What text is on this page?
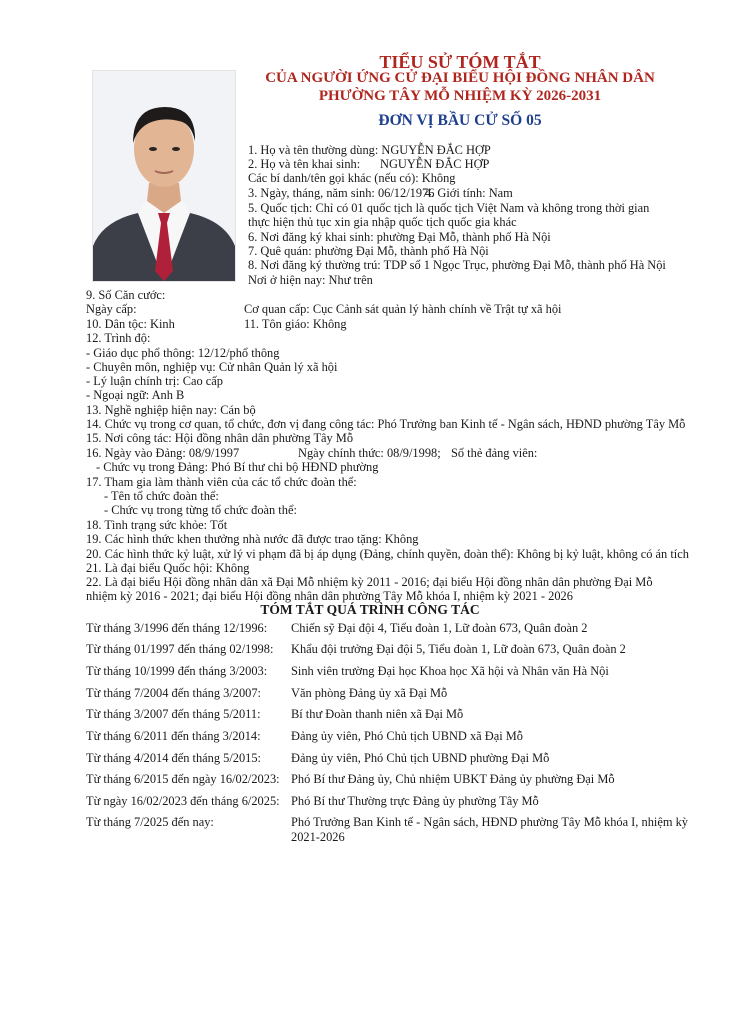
TIỂU SỬ TÓM TẮT
CỦA NGƯỜI ỨNG CỬ ĐẠI BIỂU HỘI ĐỒNG NHÂN DÂN
PHƯỜNG TÂY MỖ NHIỆM KỲ 2026-2031
ĐƠN VỊ BẦU CỬ SỐ 05
1. Họ và tên thường dùng: NGUYỄN ĐẮC HỢP
2. Họ và tên khai sinh: NGUYỄN ĐẮC HỢP
Các bí danh/tên gọi khác (nếu có): Không
3. Ngày, tháng, năm sinh: 06/12/1976
4. Giới tính: Nam
5. Quốc tịch: Chỉ có 01 quốc tịch là quốc tịch Việt Nam và không trong thời gian
thực hiện thủ tục xin gia nhập quốc tịch quốc gia khác
6. Nơi đăng ký khai sinh: phường Đại Mỗ, thành phố Hà Nội
7. Quê quán: phường Đại Mỗ, thành phố Hà Nội
8. Nơi đăng ký thường trú: TDP số 1 Ngọc Trục, phường Đại Mỗ, thành phố Hà Nội
Nơi ở hiện nay: Như trên
9. Số Căn cước:
Ngày cấp:	Cơ quan cấp: Cục Cảnh sát quản lý hành chính về Trật tự xã hội
10. Dân tộc: Kinh	11. Tôn giáo: Không
12. Trình độ:
- Giáo dục phổ thông: 12/12/phổ thông
- Chuyên môn, nghiệp vụ: Cử nhân Quản lý xã hội
- Lý luận chính trị: Cao cấp
- Ngoại ngữ: Anh B
13. Nghề nghiệp hiện nay: Cán bộ
14. Chức vụ trong cơ quan, tổ chức, đơn vị đang công tác: Phó Trưởng ban Kinh tế - Ngân sách, HĐND phường Tây Mỗ
15. Nơi công tác: Hội đồng nhân dân phường Tây Mỗ
16. Ngày vào Đảng: 08/9/1997	Ngày chính thức: 08/9/1998; Số thẻ đảng viên:
- Chức vụ trong Đảng: Phó Bí thư chi bộ HĐND phường
17. Tham gia làm thành viên của các tổ chức đoàn thể:
- Tên tổ chức đoàn thể:
- Chức vụ trong từng tổ chức đoàn thể:
18. Tình trạng sức khỏe: Tốt
19. Các hình thức khen thưởng nhà nước đã được trao tặng: Không
20. Các hình thức kỷ luật, xử lý vi phạm đã bị áp dụng (Đảng, chính quyền, đoàn thể): Không bị kỷ luật, không có án tích
21. Là đại biểu Quốc hội: Không
22. Là đại biểu Hội đồng nhân dân xã Đại Mỗ nhiệm kỳ 2011 - 2016; đại biểu Hội đồng nhân dân phường Đại Mỗ
nhiệm kỳ 2016 - 2021; đại biểu Hội đồng nhân dân phường Tây Mỗ khóa I, nhiệm kỳ 2021 - 2026
TÓM TẮT QUÁ TRÌNH CÔNG TÁC
Từ tháng 3/1996 đến tháng 12/1996: Chiến sỹ Đại đội 4, Tiểu đoàn 1, Lữ đoàn 673, Quân đoàn 2
Từ tháng 01/1997 đến tháng 02/1998: Khẩu đội trưởng Đại đội 5, Tiểu đoàn 1, Lữ đoàn 673, Quân đoàn 2
Từ tháng 10/1999 đến tháng 3/2003: Sinh viên trường Đại học Khoa học Xã hội và Nhân văn Hà Nội
Từ tháng 7/2004 đến tháng 3/2007: Văn phòng Đảng ủy xã Đại Mỗ
Từ tháng 3/2007 đến tháng 5/2011: Bí thư Đoàn thanh niên xã Đại Mỗ
Từ tháng 6/2011 đến tháng 3/2014: Đảng ủy viên, Phó Chủ tịch UBND xã Đại Mỗ
Từ tháng 4/2014 đến tháng 5/2015: Đảng ủy viên, Phó Chủ tịch UBND phường Đại Mỗ
Từ tháng 6/2015 đến ngày 16/02/2023: Phó Bí thư Đảng ủy, Chủ nhiệm UBKT Đảng ủy phường Đại Mỗ
Từ ngày 16/02/2023 đến tháng 6/2025: Phó Bí thư Thường trực Đảng ủy phường Tây Mỗ
Từ tháng 7/2025 đến nay:	Phó Trưởng Ban Kinh tế - Ngân sách, HĐND phường Tây Mỗ khóa I, nhiệm kỳ 2021-2026
